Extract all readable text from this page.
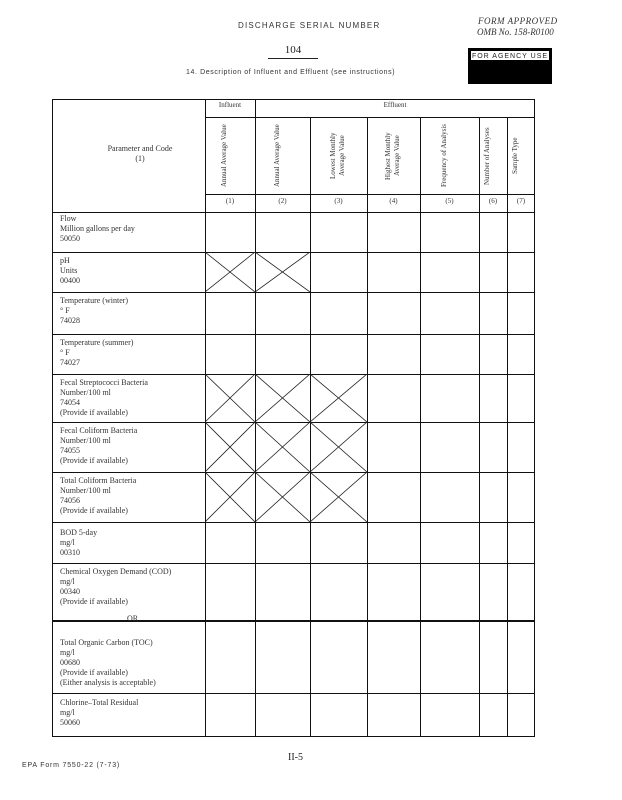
DISCHARGE SERIAL NUMBER
104
FORM APPROVED
OMB No. 158-R0100
FOR AGENCY USE
14. Description of Influent and Effluent (see instructions)
Parameter and Code
(1)
Influent	Effluent
Annual Average Value
(1)
Annual Average Value
(2)
Lowest Monthly Average Value
(3)
Highest Monthly Average Value
(4)
Frequency of Analysis
(5)
Number of Analyses
(6)
Sample Type
(7)
Flow
Million gallons per day
50050
pH
Units
00400
Temperature (winter)
° F
74028
Temperature (summer)
° F
74027
Fecal Streptococci Bacteria
Number/100 ml
74054
(Provide if available)
Fecal Coliform Bacteria
Number/100 ml
74055
(Provide if available)
Total Coliform Bacteria
Number/100 ml
74056
(Provide if available)
BOD 5-day
mg/l
00310
Chemical Oxygen Demand (COD)
mg/l
00340
(Provide if available)
OR
Total Organic Carbon (TOC)
mg/l
00680
(Provide if available)
(Either analysis is acceptable)
Chlorine–Total Residual
mg/l
50060
EPA Form 7550-22 (7-73)
II-5
